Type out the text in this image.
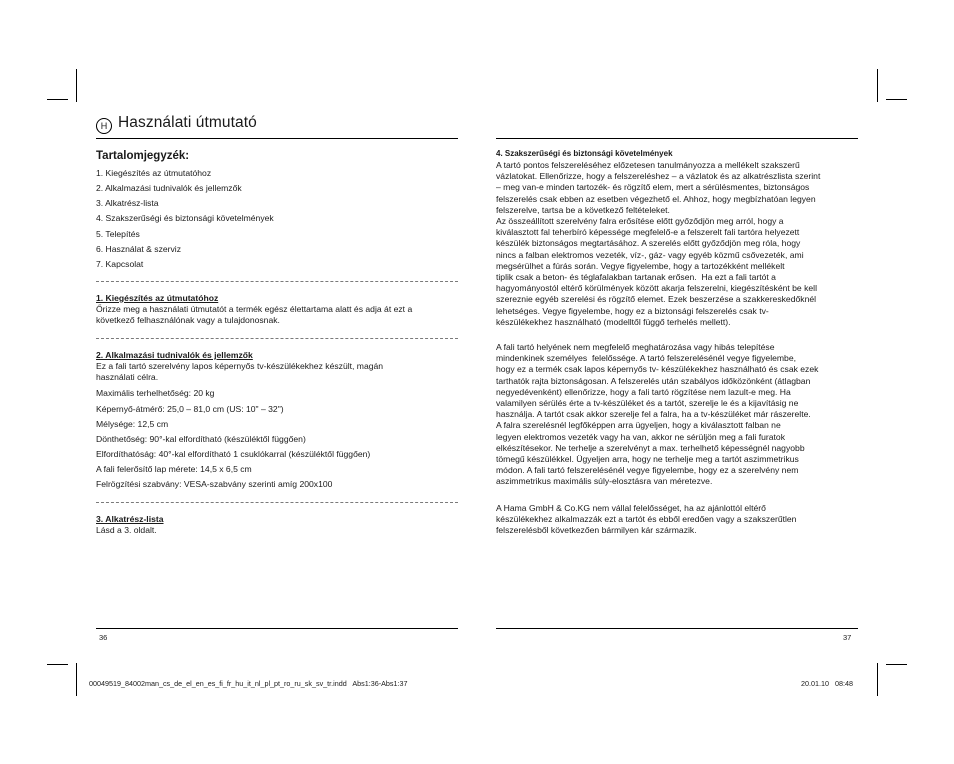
H Használati útmutató
Tartalomjegyzék:
1. Kiegészítés az útmutatóhoz
2. Alkalmazási tudnivalók és jellemzők
3. Alkatrész-lista
4. Szakszerűségi és biztonsági követelmények
5. Telepítés
6. Használat & szerviz
7. Kapcsolat
1. Kiegészítés az útmutatóhoz
Őrizze meg a használati útmutatót a termék egész élettartama alatt és adja át ezt a
következő felhasználónak vagy a tulajdonosnak.
2. Alkalmazási tudnivalók és jellemzők
Ez a fali tartó szerelvény lapos képernyős tv-készülékekhez készült, magán
használati célra.
Maximális terhelhetőség: 20 kg
Képernyő-átmérő: 25,0 – 81,0 cm (US: 10" – 32")
Mélysége: 12,5 cm
Dönthetőség: 90°-kal elfordítható (készüléktől függően)
Elfordíthatóság: 40°-kal elfordítható 1 csuklókarral (készüléktől függően)
A fali felerősítő lap mérete: 14,5 x 6,5 cm
Felrögzítési szabvány: VESA-szabvány szerinti amíg 200x100
3. Alkatrész-lista
Lásd a 3. oldalt.
36
4. Szakszerűségi és biztonsági követelmények
A tartó pontos felszereléséhez előzetesen tanulmányozza a mellékelt szakszerű
vázlatokat. Ellenőrizze, hogy a felszereléshez – a vázlatok és az alkatrészlista szerint
– meg van-e minden tartozék- és rögzítő elem, mert a sérülésmentes, biztonságos
felszerelés csak ebben az esetben végezhető el. Ahhoz, hogy megbízhatóan legyen
felszerelve, tartsa be a következő feltételeket.
Az összeállított szerelvény falra erősítése előtt győződjön meg arról, hogy a
kiválasztott fal teherbíró képessége megfelelő-e a felszerelt fali tartóra helyezett
készülék biztonságos megtartásához. A szerelés előtt győződjön meg róla, hogy
nincs a falban elektromos vezeték, víz-, gáz- vagy egyéb közmű csővezeték, ami
megsérülhet a fúrás során. Vegye figyelembe, hogy a tartozékként mellékelt
tiplik csak a beton- és téglafalakban tartanak erősen.  Ha ezt a fali tartót a
hagyományostól eltérő körülmények között akarja felszerelni, kiegészítésként be kell
szereznie egyéb szerelési és rögzítő elemet. Ezek beszerzése a szakkereskedőknél
lehetséges. Vegye figyelembe, hogy ez a biztonsági felszerelés csak tv-
készülékekhez használható (modelltől függő terhelés mellett).
A fali tartó helyének nem megfelelő meghatározása vagy hibás telepítése
mindenkinek személyes  felelőssége. A tartó felszerelésénél vegye figyelembe,
hogy ez a termék csak lapos képernyős tv- készülékekhez használható és csak ezek
tarthatók rajta biztonságosan. A felszerelés után szabályos időközönként (átlagban
negyedévenként) ellenőrizze, hogy a fali tartó rögzítése nem lazult-e meg. Ha
valamilyen sérülés érte a tv-készüléket és a tartót, szerelje le és a kijavításig ne
használja. A tartót csak akkor szerelje fel a falra, ha a tv-készüléket már rászerelte.
A falra szerelésnél legfőképpen arra ügyeljen, hogy a kiválasztott falban ne
legyen elektromos vezeték vagy ha van, akkor ne sérüljön meg a fali furatok
elkészítésekor. Ne terhelje a szerelvényt a max. terhelhető képességnél nagyobb
tömegű készülékkel. Ügyeljen arra, hogy ne terhelje meg a tartót aszimmetrikus
módon. A fali tartó felszerelésénél vegye figyelembe, hogy ez a szerelvény nem
aszimmetrikus maximális súly-elosztásra van méretezve.
A Hama GmbH & Co.KG nem vállal felelősséget, ha az ajánlottól eltérő
készülékekhez alkalmazzák ezt a tartót és ebből eredően vagy a szakszerűtlen
felszerelésből következően bármilyen kár származik.
37
00049519_84002man_cs_de_el_en_es_fi_fr_hu_it_nl_pl_pt_ro_ru_sk_sv_tr.indd   Abs1:36-Abs1:37	20.01.10   08:48
